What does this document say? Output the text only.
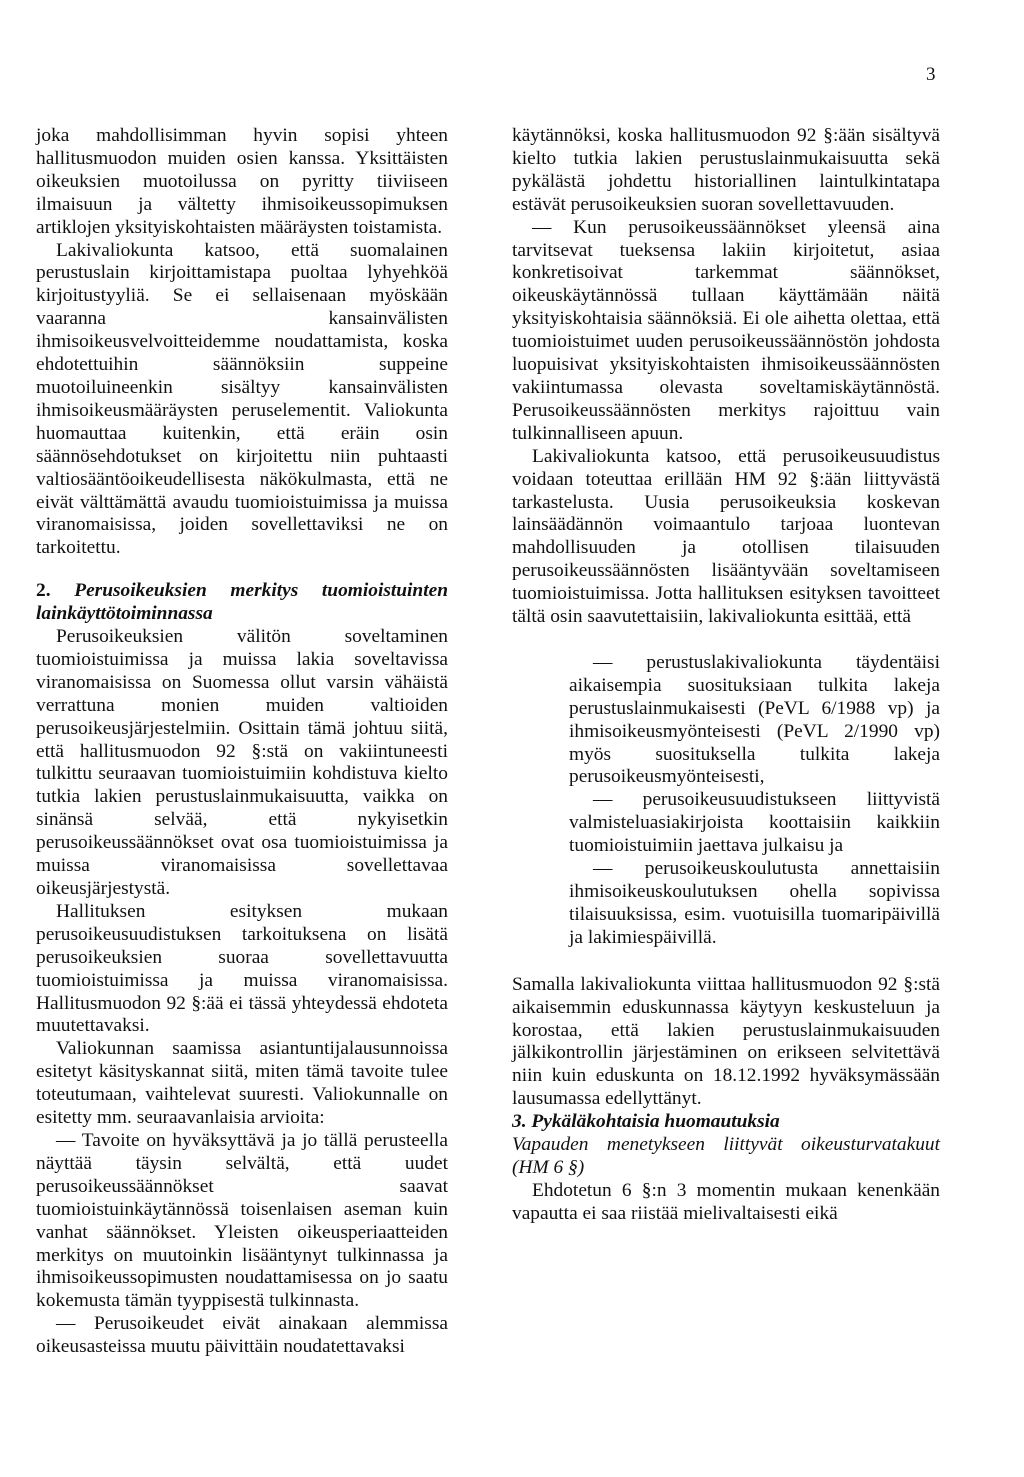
3

joka mahdollisimman hyvin sopisi yhteen hallitusmuodon muiden osien kanssa. Yksittäisten oikeuksien muotoilussa on pyritty tiiviiseen ilmaisuun ja vältetty ihmisoikeussopimuksen artiklojen yksityiskohtaisten määräysten toistamista.

Lakivaliokunta katsoo, että suomalainen perustuslain kirjoittamistapa puoltaa lyhyehköä kirjoitustyyliä. Se ei sellaisenaan myöskään vaaranna kansainvälisten ihmisoikeusvelvoitteidemme noudattamista, koska ehdotettuihin säännöksiin suppeine muotoiluineenkin sisältyy kansainvälisten ihmisoikeusmääräysten peruselementit. Valiokunta huomauttaa kuitenkin, että eräin osin säännösehdotukset on kirjoitettu niin puhtaasti valtiosääntöoikeudellisesta näkökulmasta, että ne eivät välttämättä avaudu tuomioistuimissa ja muissa viranomaisissa, joiden sovellettaviksi ne on tarkoitettu.

2. Perusoikeuksien merkitys tuomioistuinten lainkäyttötoiminnassa

Perusoikeuksien välitön soveltaminen tuomioistuimissa ja muissa lakia soveltavissa viranomaisissa on Suomessa ollut varsin vähäistä verrattuna monien muiden valtioiden perusoikeusjärjestelmiin. Osittain tämä johtuu siitä, että hallitusmuodon 92 §:stä on vakiintuneesti tulkittu seuraavan tuomioistuimiin kohdistuva kielto tutkia lakien perustuslainmukaisuutta, vaikka on sinänsä selvää, että nykyisetkin perusoikeussäännökset ovat osa tuomioistuimissa ja muissa viranomaisissa sovellettavaa oikeusjärjestystä.

Hallituksen esityksen mukaan perusoikeusuudistuksen tarkoituksena on lisätä perusoikeuksien suoraa sovellettavuutta tuomioistuimissa ja muissa viranomaisissa. Hallitusmuodon 92 §:ää ei tässä yhteydessä ehdoteta muutettavaksi.

Valiokunnan saamissa asiantuntijalausunnoissa esitetyt käsityskannat siitä, miten tämä tavoite tulee toteutumaan, vaihtelevat suuresti. Valiokunnalle on esitetty mm. seuraavanlaisia arvioita:

— Tavoite on hyväksyttävä ja jo tällä perusteella näyttää täysin selvältä, että uudet perusoikeussäännökset saavat tuomioistuinkäytännössä toisenlaisen aseman kuin vanhat säännökset. Yleisten oikeusperiaatteiden merkitys on muutoinkin lisääntynyt tulkinnassa ja ihmisoikeussopimusten noudattamisessa on jo saatu kokemusta tämän tyyppisestä tulkinnasta.

— Perusoikeudet eivät ainakaan alemmissa oikeusasteissa muutu päivittäin noudatettavaksi

käytännöksi, koska hallitusmuodon 92 §:ään sisältyvä kielto tutkia lakien perustuslainmukaisuutta sekä pykälästä johdettu historiallinen laintulkintatapa estävät perusoikeuksien suoran sovellettavuuden.

— Kun perusoikeussäännökset yleensä aina tarvitsevat tueksensa lakiin kirjoitetut, asiaa konkretisoivat tarkemmat säännökset, oikeuskäytännössä tullaan käyttämään näitä yksityiskohtaisia säännöksiä. Ei ole aihetta olettaa, että tuomioistuimet uuden perusoikeussäännöstön johdosta luopuisivat yksityiskohtaisten ihmisoikeussäännösten vakiintumassa olevasta soveltamiskäytännöstä. Perusoikeussäännösten merkitys rajoittuu vain tulkinnalliseen apuun.

Lakivaliokunta katsoo, että perusoikeusuudistus voidaan toteuttaa erillään HM 92 §:ään liittyvästä tarkastelusta. Uusia perusoikeuksia koskevan lainsäädännön voimaantulo tarjoaa luontevan mahdollisuuden ja otollisen tilaisuuden perusoikeussäännösten lisääntyvään soveltamiseen tuomioistuimissa. Jotta hallituksen esityksen tavoitteet tältä osin saavutettaisiin, lakivaliokunta esittää, että

— perustuslakivaliokunta täydentäisi aikaisempia suosituksiaan tulkita lakeja perustuslainmukaisesti (PeVL 6/1988 vp) ja ihmisoikeusmyönteisesti (PeVL 2/1990 vp) myös suosituksella tulkita lakeja perusoikeusmyönteisesti,
— perusoikeusuudistukseen liittyvistä valmisteluasiakirjoista koottaisiin kaikkiin tuomioistuimiin jaettava julkaisu ja
— perusoikeuskoulutusta annettaisiin ihmisoikeuskoulutuksen ohella sopivissa tilaisuuksissa, esim. vuotuisilla tuomaripäivillä ja lakimiespäivillä.

Samalla lakivaliokunta viittaa hallitusmuodon 92 §:stä aikaisemmin eduskunnassa käytyyn keskusteluun ja korostaa, että lakien perustuslainmukaisuuden jälkikontrollin järjestäminen on erikseen selvitettävä niin kuin eduskunta on 18.12.1992 hyväksymässään lausumassa edellyttänyt.

3. Pykäläkohtaisia huomautuksia

Vapauden menetykseen liittyvät oikeusturvatakuut (HM 6 §)

Ehdotetun 6 §:n 3 momentin mukaan kenenkään vapautta ei saa riistää mielivaltaisesti eikä
